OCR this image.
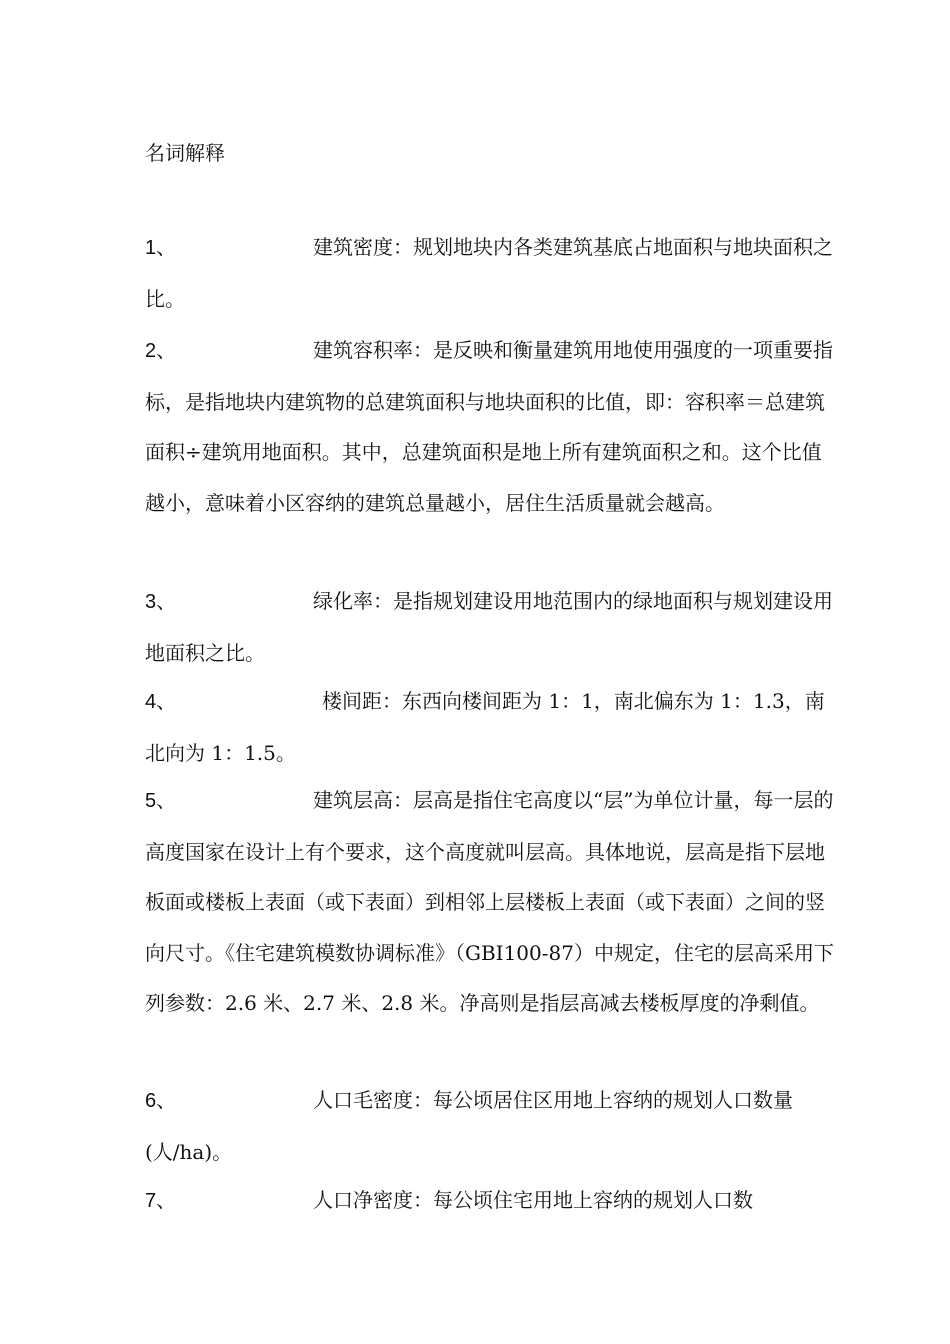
名词解释
1、	建筑密度：规划地块内各类建筑基底占地面积与地块面积之比。
2、	建筑容积率：是反映和衡量建筑用地使用强度的一项重要指标，是指地块内建筑物的总建筑面积与地块面积的比值，即：容积率＝总建筑面积÷建筑用地面积。其中，总建筑面积是地上所有建筑面积之和。这个比值越小，意味着小区容纳的建筑总量越小，居住生活质量就会越高。
3、	绿化率：是指规划建设用地范围内的绿地面积与规划建设用地面积之比。
4、	楼间距：东西向楼间距为 1：1，南北偏东为 1：1.3，南北向为 1：1.5。
5、	建筑层高：层高是指住宅高度以“层”为单位计量，每一层的高度国家在设计上有个要求，这个高度就叫层高。具体地说，层高是指下层地板面或楼板上表面（或下表面）到相邻上层楼板上表面（或下表面）之间的竖向尺寸。《住宅建筑模数协调标准》（GBI100-87）中规定，住宅的层高采用下列参数：2.6 米、2.7 米、2.8 米。净高则是指层高减去楼板厚度的净剩值。
6、	人口毛密度：每公顷居住区用地上容纳的规划人口数量(人/ha)。
7、	人口净密度：每公顷住宅用地上容纳的规划人口数
